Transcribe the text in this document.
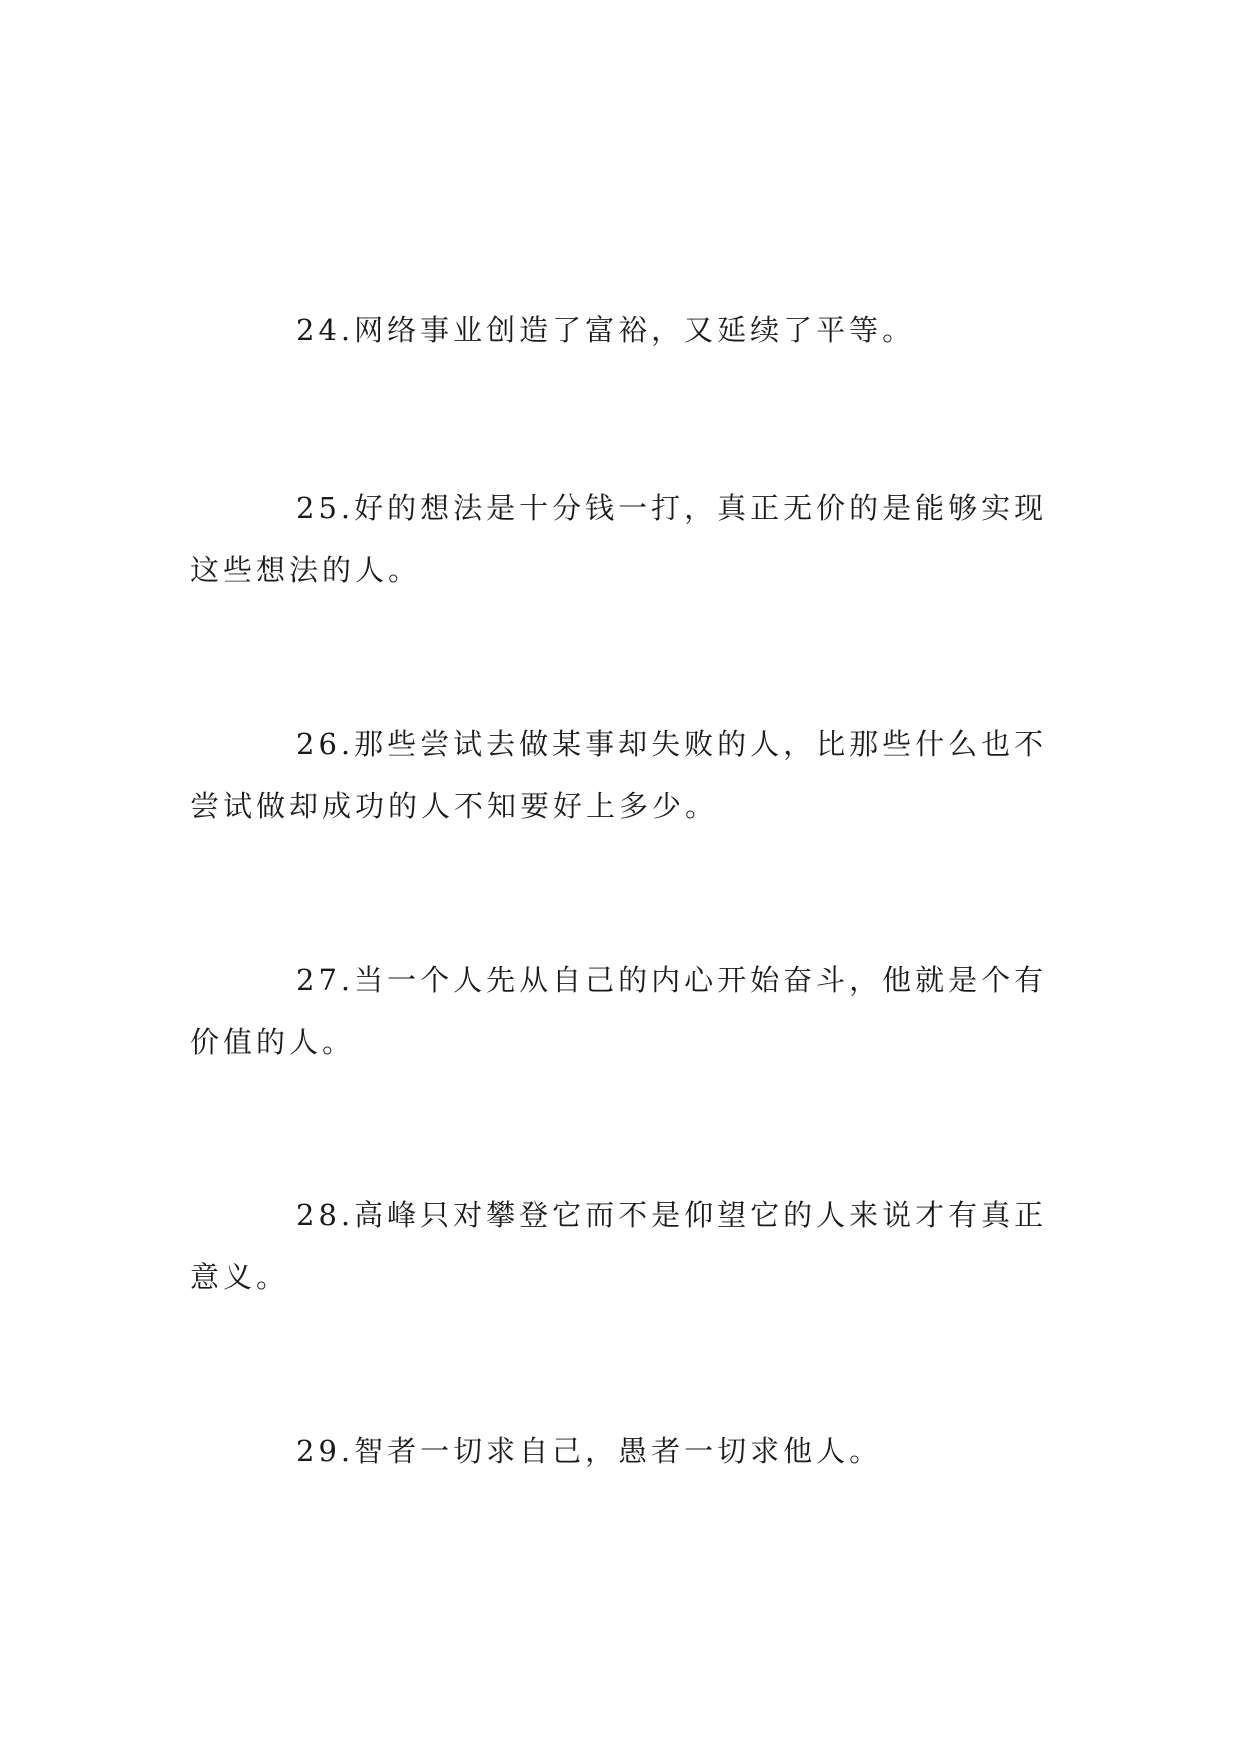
24.网络事业创造了富裕，又延续了平等。

25.好的想法是十分钱一打，真正无价的是能够实现这些想法的人。

26.那些尝试去做某事却失败的人，比那些什么也不尝试做却成功的人不知要好上多少。

27.当一个人先从自己的内心开始奋斗，他就是个有价值的人。

28.高峰只对攀登它而不是仰望它的人来说才有真正意义。

29.智者一切求自己，愚者一切求他人。
